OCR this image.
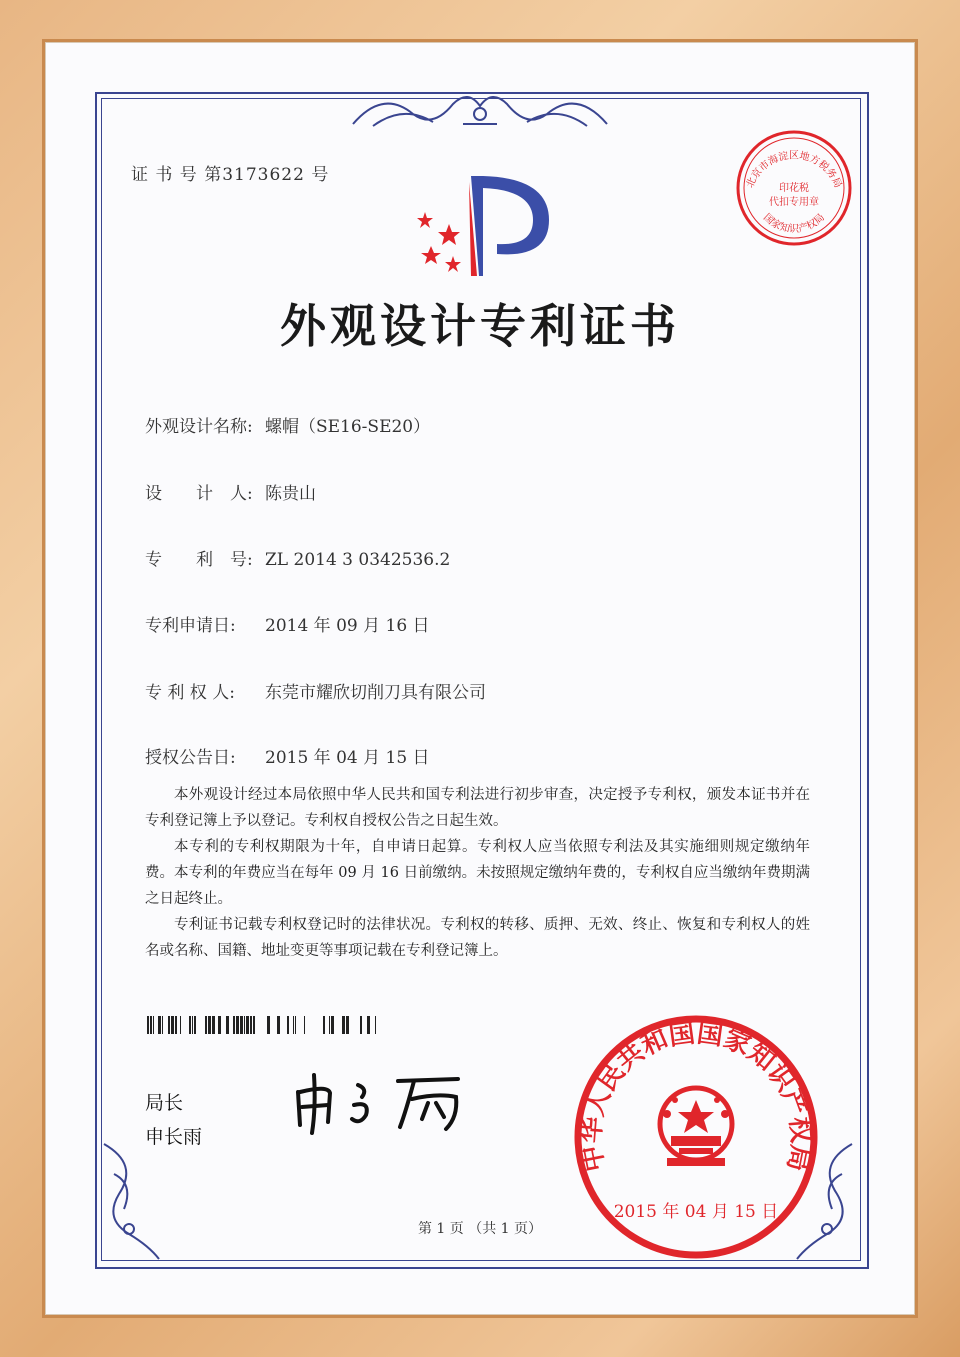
证 书 号 第3173622 号
外观设计专利证书
外观设计名称: 螺帽（SE16-SE20）
设　　计　人: 陈贵山
专　　利　号: ZL 2014 3 0342536.2
专利申请日: 2014 年 09 月 16 日
专 利 权 人: 东莞市耀欣切削刀具有限公司
授权公告日: 2015 年 04 月 15 日

本外观设计经过本局依照中华人民共和国专利法进行初步审查，决定授予专利权，颁发本证书并在专利登记簿上予以登记。专利权自授权公告之日起生效。

本专利的专利权期限为十年，自申请日起算。专利权人应当依照专利法及其实施细则规定缴纳年费。本专利的年费应当在每年 09 月 16 日前缴纳。未按照规定缴纳年费的，专利权自应当缴纳年费期满之日起终止。

专利证书记载专利权登记时的法律状况。专利权的转移、质押、无效、终止、恢复和专利权人的姓名或名称、国籍、地址变更等事项记载在专利登记簿上。

局长
申长雨
北京市海淀区地方税务局
国家知识产权局
印花税
代扣专用章
中华人民共和国国家知识产权局
2015 年 04 月 15 日
第 1 页 （共 1 页）
